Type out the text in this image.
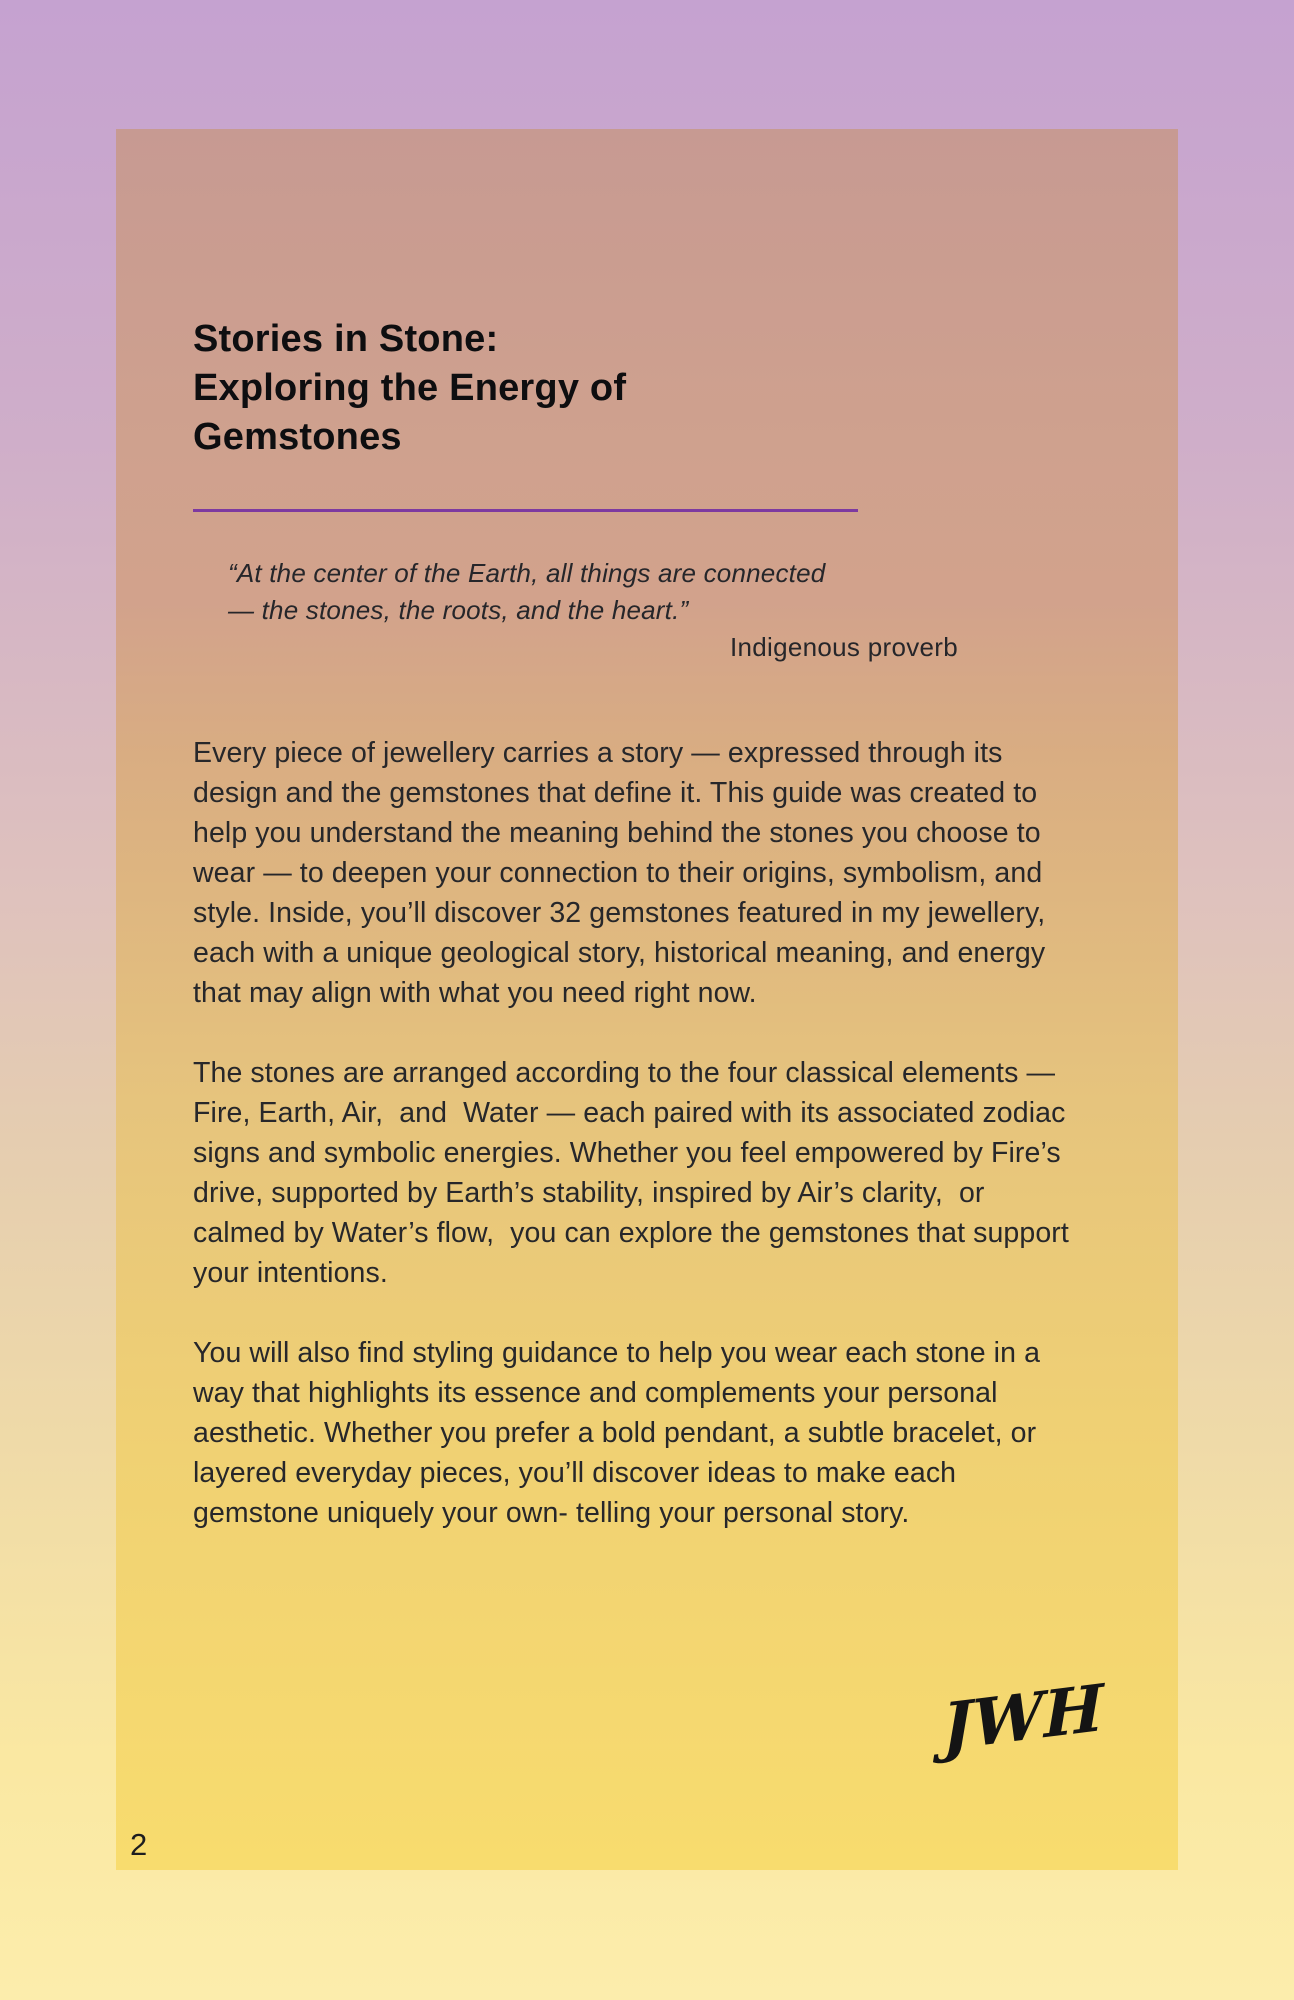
Stories in Stone:
Exploring the Energy of
Gemstones

“At the center of the Earth, all things are connected

— the stones, the roots, and the heart.”

Indigenous proverb

Every piece of jewellery carries a story — expressed through its design and the gemstones that define it. This guide was created to help you understand the meaning behind the stones you choose to wear — to deepen your connection to their origins, symbolism, and style. Inside, you’ll discover 32 gemstones featured in my jewellery, each with a unique geological story, historical meaning, and energy that may align with what you need right now.

The stones are arranged according to the four classical elements — Fire, Earth, Air,  and  Water — each paired with its associated zodiac signs and symbolic energies. Whether you feel empowered by Fire’s drive, supported by Earth’s stability, inspired by Air’s clarity,  or calmed by Water’s flow,  you can explore the gemstones that support your intentions.

You will also find styling guidance to help you wear each stone in a way that highlights its essence and complements your personal aesthetic. Whether you prefer a bold pendant, a subtle bracelet, or layered everyday pieces, you’ll discover ideas to make each gemstone uniquely your own- telling your personal story.

JWH
2
